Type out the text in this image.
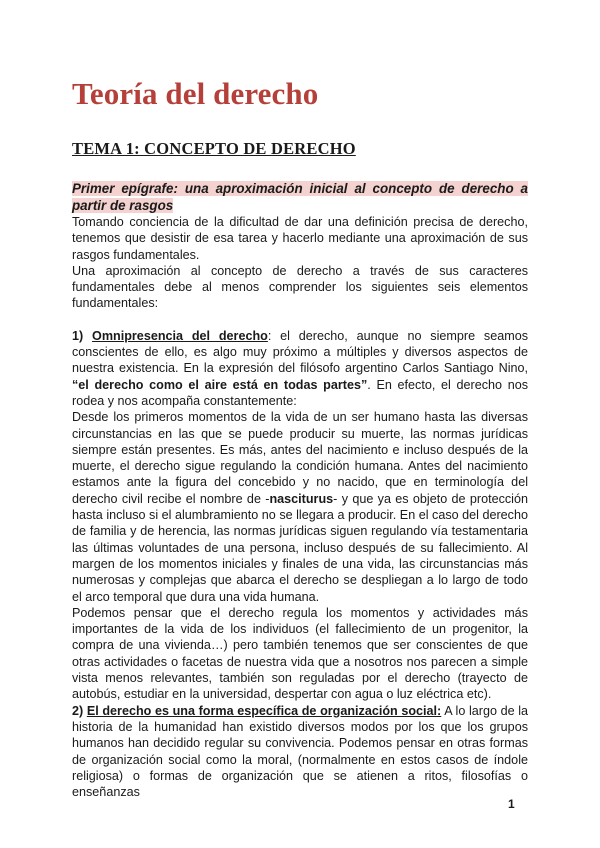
Teoría del derecho
TEMA 1: CONCEPTO DE DERECHO

Primer epígrafe: una aproximación inicial al concepto de derecho a partir de rasgos

Tomando conciencia de la dificultad de dar una definición precisa de derecho, tenemos que desistir de esa tarea y hacerlo mediante una aproximación de sus rasgos fundamentales.

Una aproximación al concepto de derecho a través de sus caracteres fundamentales debe al menos comprender los siguientes seis elementos fundamentales:

1) Omnipresencia del derecho: el derecho, aunque no siempre seamos conscientes de ello, es algo muy próximo a múltiples y diversos aspectos de nuestra existencia. En la expresión del filósofo argentino Carlos Santiago Nino, “el derecho como el aire está en todas partes”. En efecto, el derecho nos rodea y nos acompaña constantemente:

Desde los primeros momentos de la vida de un ser humano hasta las diversas circunstancias en las que se puede producir su muerte, las normas jurídicas siempre están presentes. Es más, antes del nacimiento e incluso después de la muerte, el derecho sigue regulando la condición humana. Antes del nacimiento estamos ante la figura del concebido y no nacido, que en terminología del derecho civil recibe el nombre de -nasciturus- y que ya es objeto de protección hasta incluso si el alumbramiento no se llegara a producir. En el caso del derecho de familia y de herencia, las normas jurídicas siguen regulando vía testamentaria las últimas voluntades de una persona, incluso después de su fallecimiento. Al margen de los momentos iniciales y finales de una vida, las circunstancias más numerosas y complejas que abarca el derecho se despliegan a lo largo de todo el arco temporal que dura una vida humana.

Podemos pensar que el derecho regula los momentos y actividades más importantes de la vida de los individuos (el fallecimiento de un progenitor, la compra de una vivienda…) pero también tenemos que ser conscientes de que otras actividades o facetas de nuestra vida que a nosotros nos parecen a simple vista menos relevantes, también son reguladas por el derecho (trayecto de autobús, estudiar en la universidad, despertar con agua o luz eléctrica etc).

2) El derecho es una forma específica de organización social: A lo largo de la historia de la humanidad han existido diversos modos por los que los grupos humanos han decidido regular su convivencia. Podemos pensar en otras formas de organización social como la moral, (normalmente en estos casos de índole religiosa) o formas de organización que se atienen a ritos, filosofías o enseñanzas

1
